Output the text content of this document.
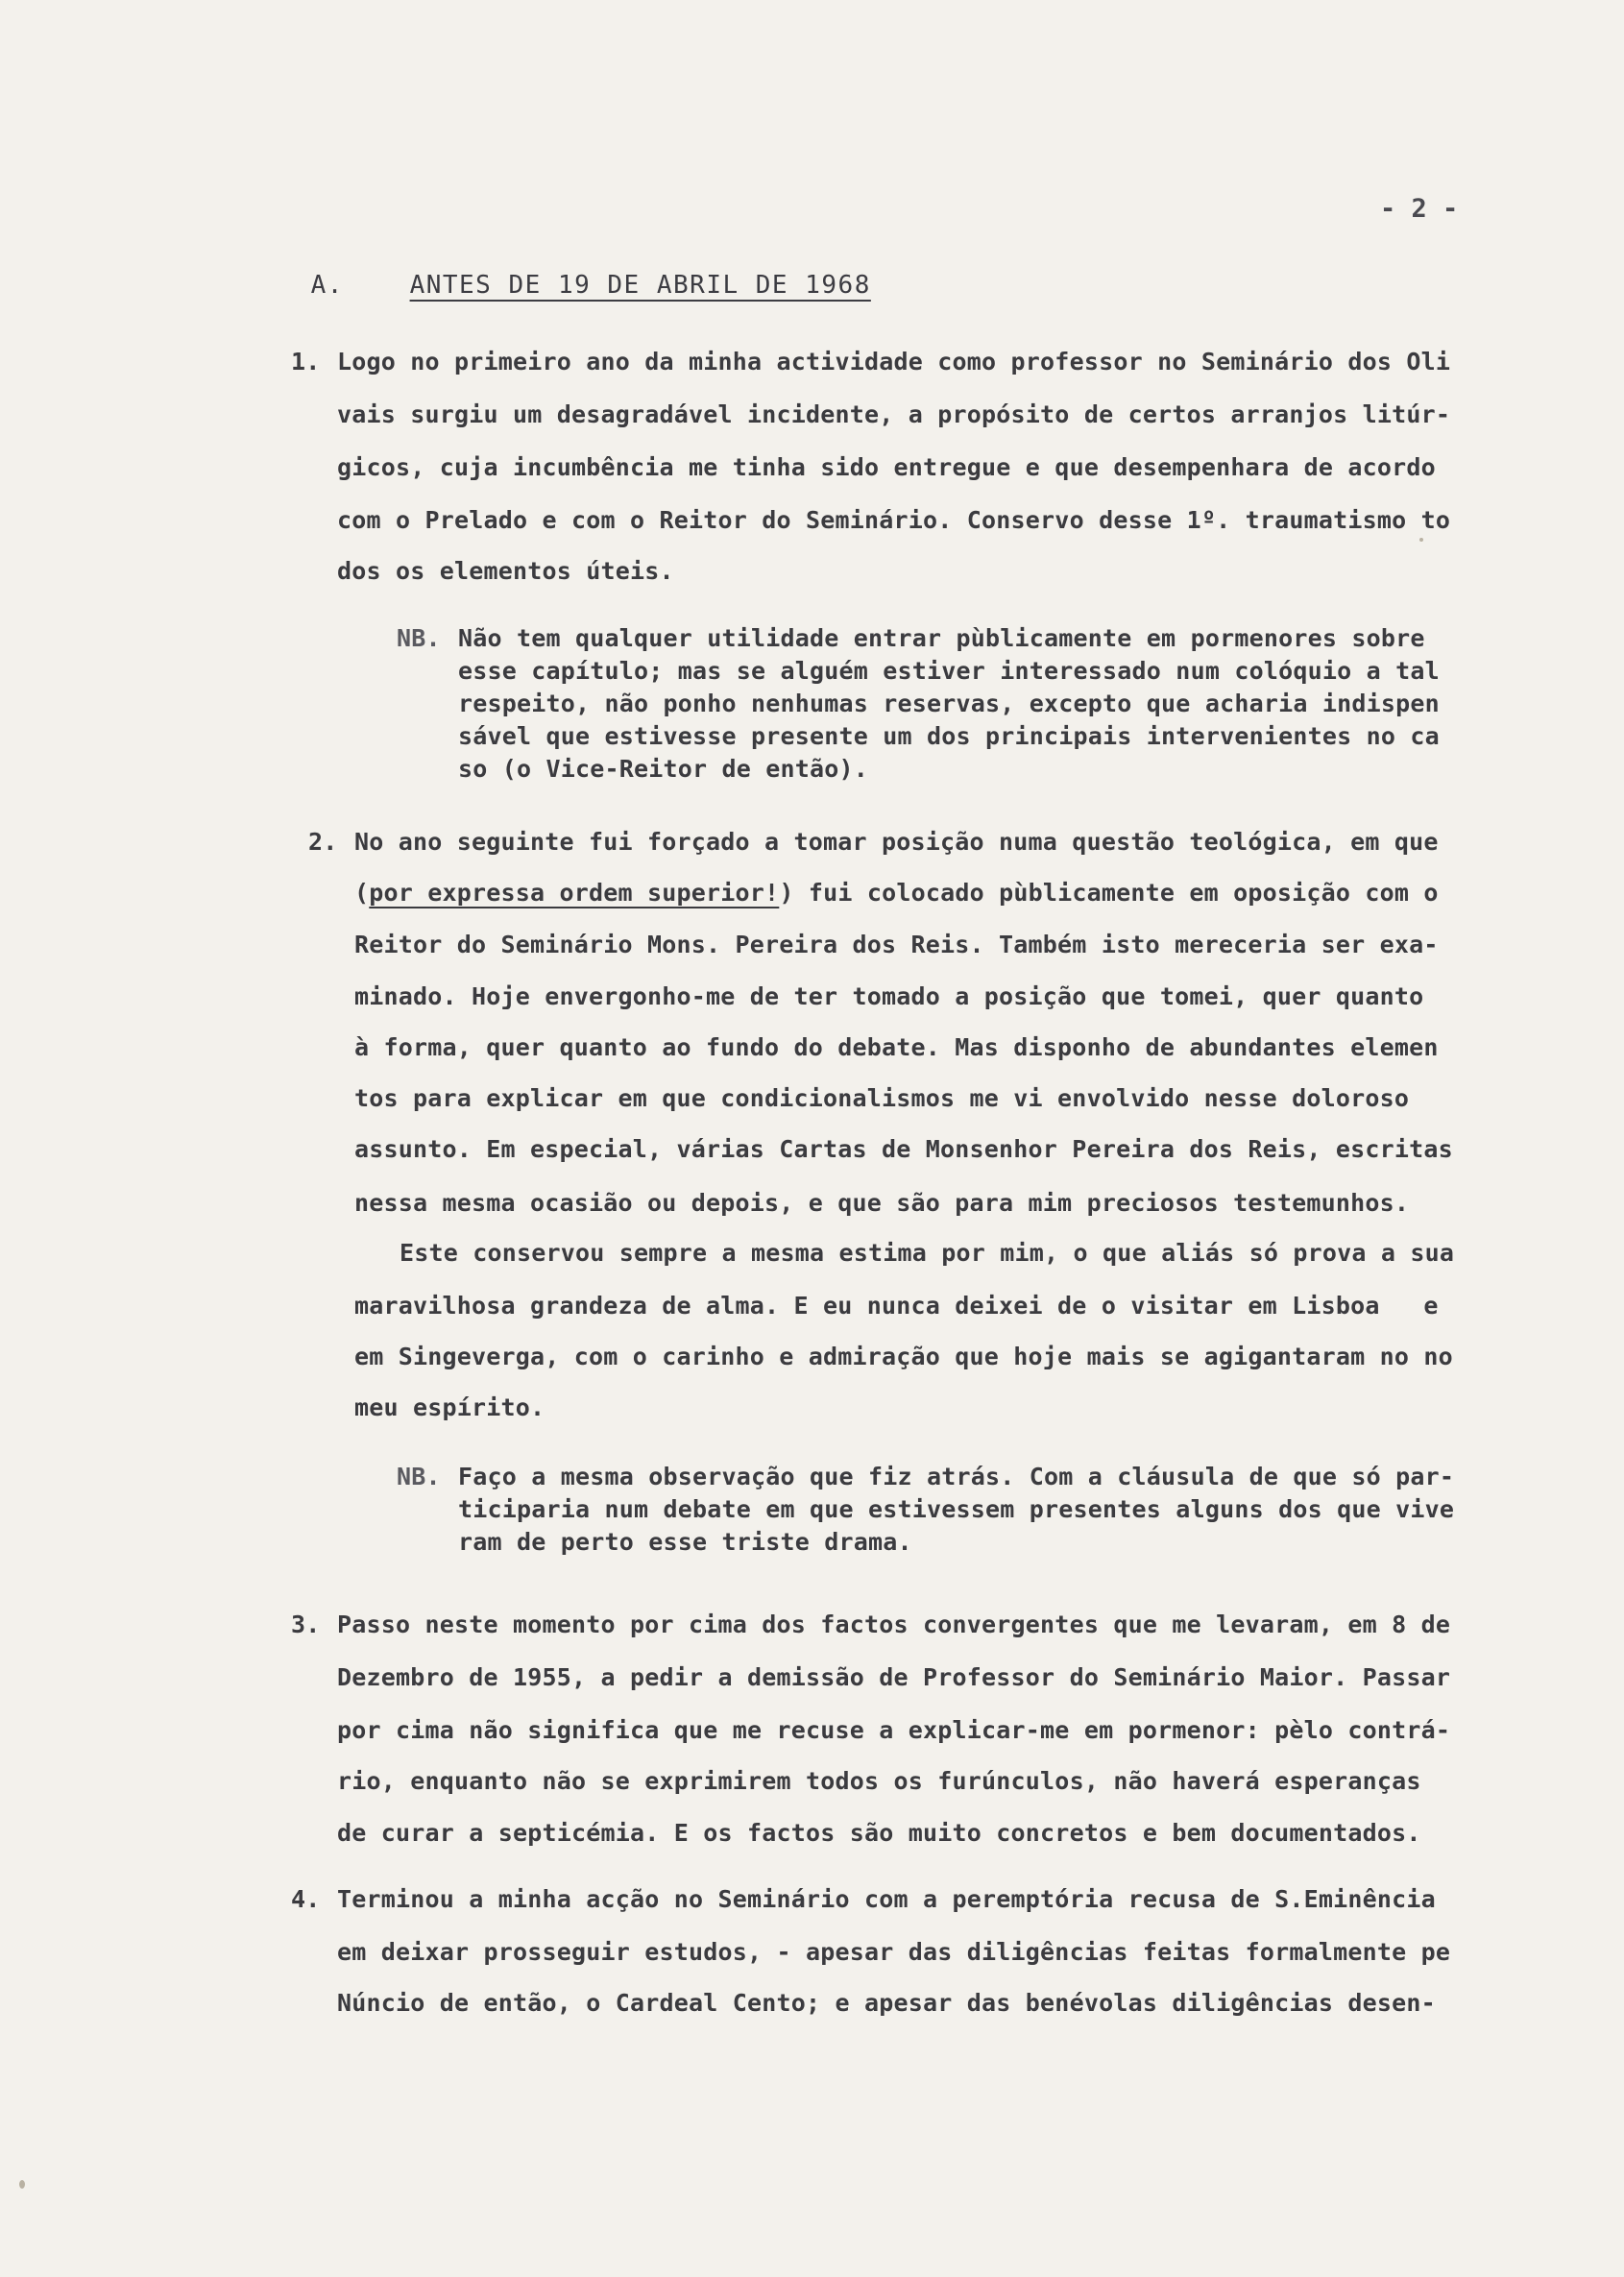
- 2 -

A.	ANTES DE 19 DE ABRIL DE 1968

1. Logo no primeiro ano da minha actividade como professor no Seminário dos Oli
vais surgiu um desagradável incidente, a propósito de certos arranjos litúr-
gicos, cuja incumbência me tinha sido entregue e que desempenhara de acordo
com o Prelado e com o Reitor do Seminário. Conservo desse 1º. traumatismo to
dos os elementos úteis.
NB. Não tem qualquer utilidade entrar pùblicamente em pormenores sobre
esse capítulo; mas se alguém estiver interessado num colóquio a tal
respeito, não ponho nenhumas reservas, excepto que acharia indispen
sável que estivesse presente um dos principais intervenientes no ca
so (o Vice-Reitor de então).
2. No ano seguinte fui forçado a tomar posição numa questão teológica, em que
(por expressa ordem superior!) fui colocado pùblicamente em oposição com o
Reitor do Seminário Mons. Pereira dos Reis. Também isto mereceria ser exa-
minado. Hoje envergonho-me de ter tomado a posição que tomei, quer quanto
à forma, quer quanto ao fundo do debate. Mas disponho de abundantes elemen
tos para explicar em que condicionalismos me vi envolvido nesse doloroso
assunto. Em especial, várias Cartas de Monsenhor Pereira dos Reis, escritas
nessa mesma ocasião ou depois, e que são para mim preciosos testemunhos.
Este conservou sempre a mesma estima por mim, o que aliás só prova a sua
maravilhosa grandeza de alma. E eu nunca deixei de o visitar em Lisboa   e
em Singeverga, com o carinho e admiração que hoje mais se agigantaram no no
meu espírito.
NB. Faço a mesma observação que fiz atrás. Com a cláusula de que só par-
ticiparia num debate em que estivessem presentes alguns dos que vive
ram de perto esse triste drama.
3. Passo neste momento por cima dos factos convergentes que me levaram, em 8 de
Dezembro de 1955, a pedir a demissão de Professor do Seminário Maior. Passar
por cima não significa que me recuse a explicar-me em pormenor: pèlo contrá-
rio, enquanto não se exprimirem todos os furúnculos, não haverá esperanças
de curar a septicémia. E os factos são muito concretos e bem documentados.
4. Terminou a minha acção no Seminário com a peremptória recusa de S.Eminência
em deixar prosseguir estudos, - apesar das diligências feitas formalmente pe
Núncio de então, o Cardeal Cento; e apesar das benévolas diligências desen-
